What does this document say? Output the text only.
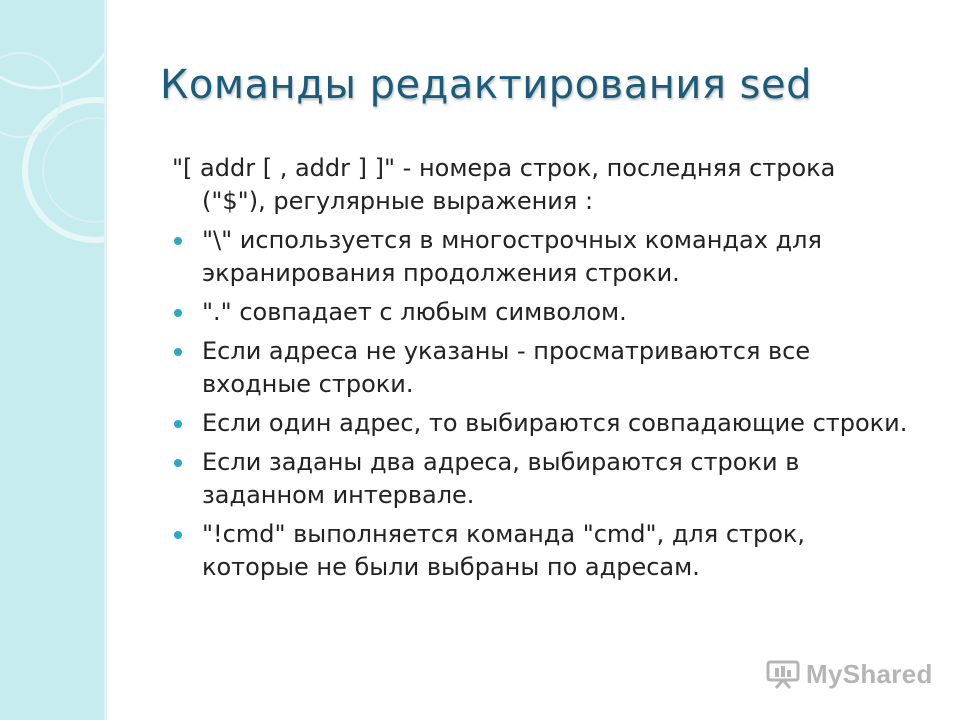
Команды редактирования sed
"[ addr [ , addr ] ]" - номера строк, последняя строка
("$"), регулярные выражения :
"\" используется в многострочных командах для экранирования продолжения строки.
"." совпадает с любым символом.
Если адреса не указаны - просматриваются все входные строки.
Если один адрес, то выбираются совпадающие строки.
Если заданы два адреса, выбираются строки в заданном интервале.
"!cmd" выполняется команда "cmd", для строк, которые не были выбраны по адресам.
MyShared
